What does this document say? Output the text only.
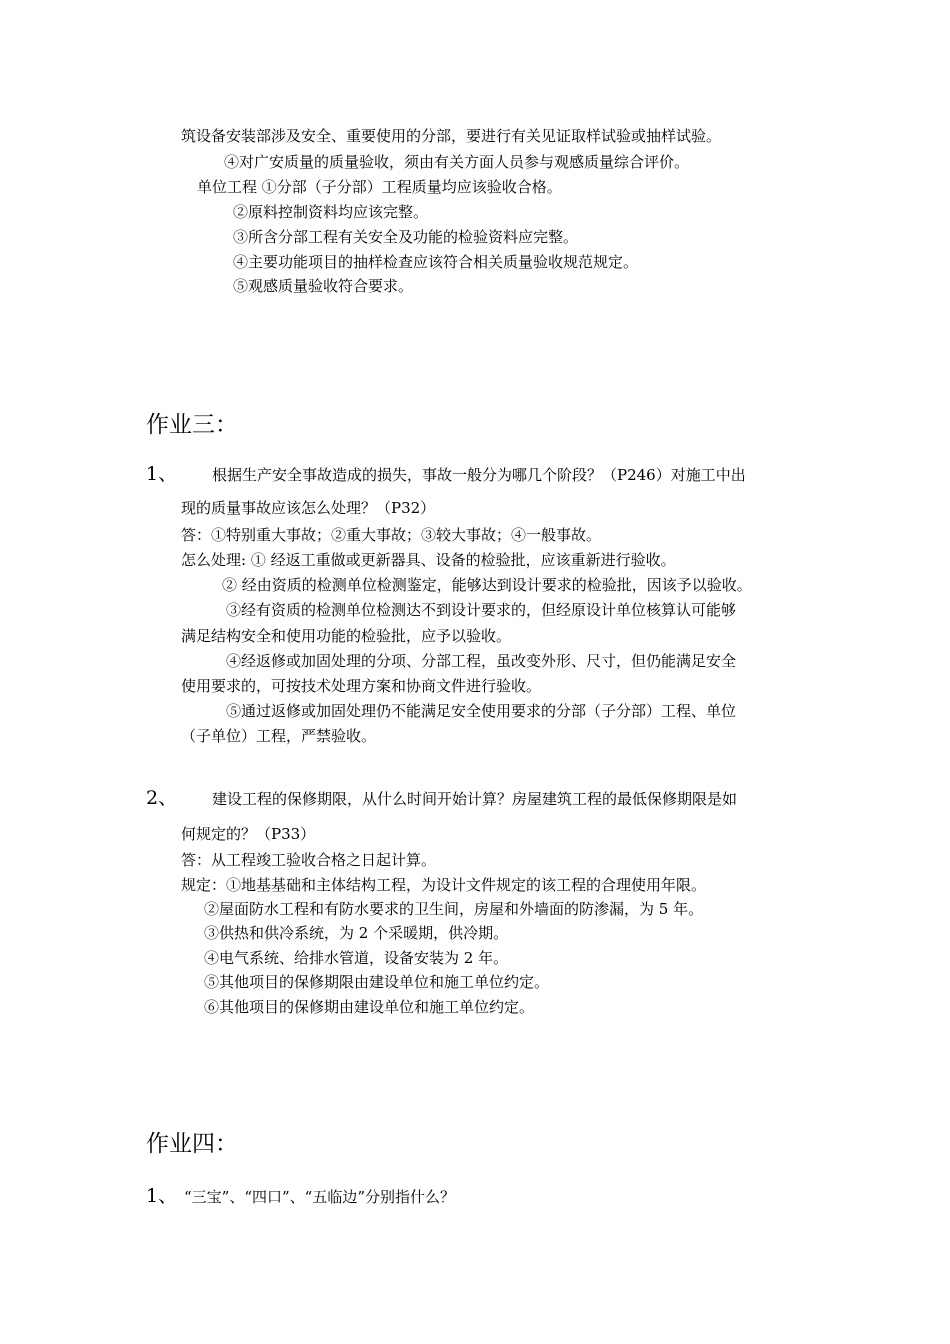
筑设备安装部涉及安全、重要使用的分部，要进行有关见证取样试验或抽样试验。
④对广安质量的质量验收，须由有关方面人员参与观感质量综合评价。
单位工程 ①分部（子分部）工程质量均应该验收合格。
②原料控制资料均应该完整。
③所含分部工程有关安全及功能的检验资料应完整。
④主要功能项目的抽样检查应该符合相关质量验收规范规定。
⑤观感质量验收符合要求。
作业三：
1、 根据生产安全事故造成的损失，事故一般分为哪几个阶段？（P246）对施工中出
现的质量事故应该怎么处理？（P32）
答：①特别重大事故；②重大事故；③较大事故；④一般事故。
怎么处理: ① 经返工重做或更新器具、设备的检验批，应该重新进行验收。
② 经由资质的检测单位检测鉴定，能够达到设计要求的检验批，因该予以验收。
③经有资质的检测单位检测达不到设计要求的，但经原设计单位核算认可能够
满足结构安全和使用功能的检验批，应予以验收。
④经返修或加固处理的分项、分部工程，虽改变外形、尺寸，但仍能满足安全
使用要求的，可按技术处理方案和协商文件进行验收。
⑤通过返修或加固处理仍不能满足安全使用要求的分部（子分部）工程、单位
（子单位）工程，严禁验收。
2、 建设工程的保修期限，从什么时间开始计算？房屋建筑工程的最低保修期限是如
何规定的？（P33）
答：从工程竣工验收合格之日起计算。
规定：①地基基础和主体结构工程，为设计文件规定的该工程的合理使用年限。
②屋面防水工程和有防水要求的卫生间，房屋和外墙面的防渗漏，为 5 年。
③供热和供冷系统，为 2 个采暖期，供冷期。
④电气系统、给排水管道，设备安装为 2 年。
⑤其他项目的保修期限由建设单位和施工单位约定。
⑥其他项目的保修期由建设单位和施工单位约定。
作业四：
1、 “三宝”、“四口”、“五临边”分别指什么？
